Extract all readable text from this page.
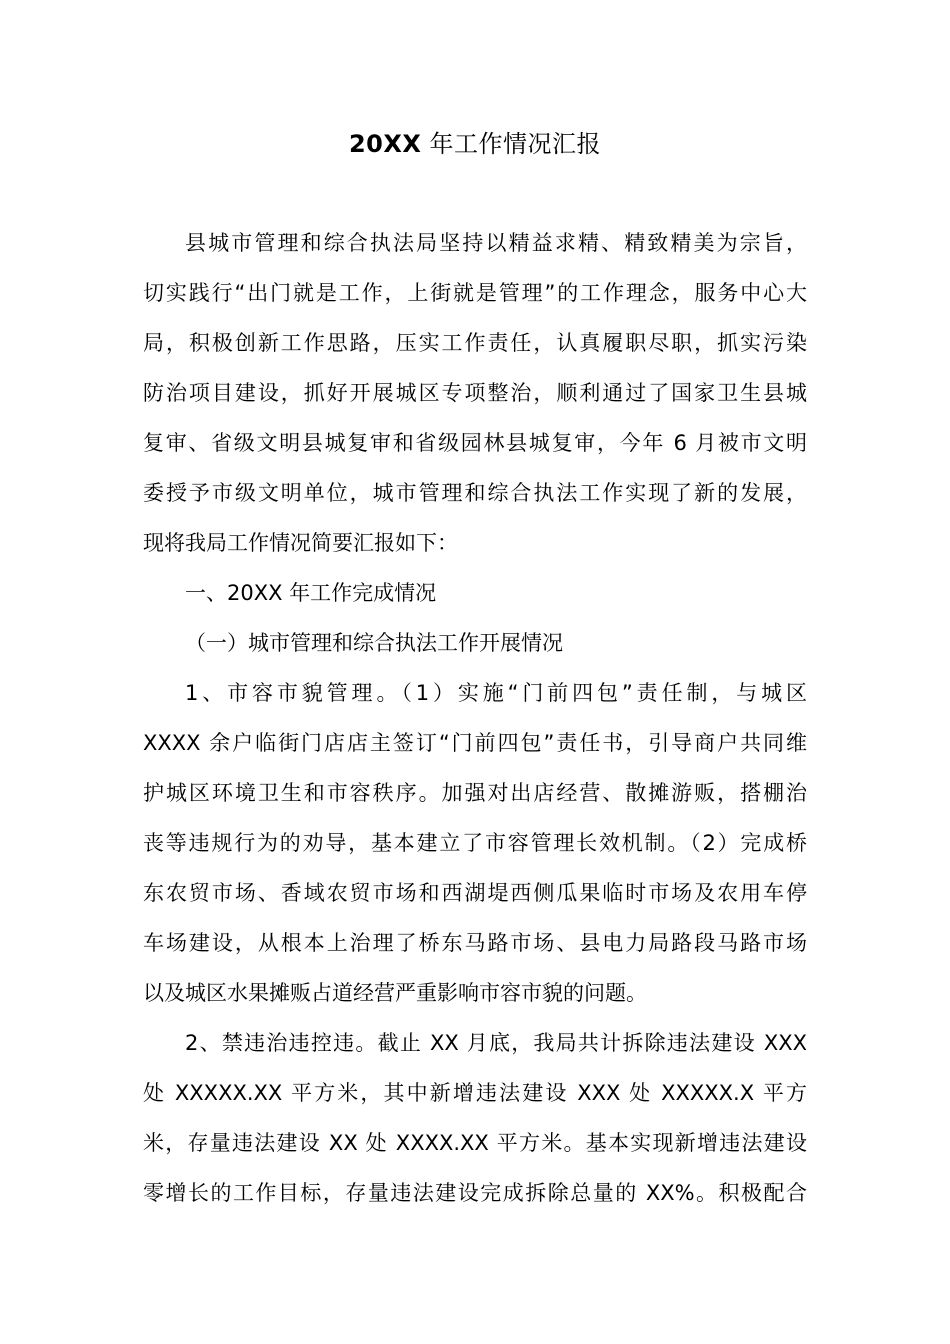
20XX 年工作情况汇报
县城市管理和综合执法局坚持以精益求精、精致精美为宗旨，
切实践行“出门就是工作，上街就是管理”的工作理念，服务中心大
局，积极创新工作思路，压实工作责任，认真履职尽职，抓实污染
防治项目建设，抓好开展城区专项整治，顺利通过了国家卫生县城
复审、省级文明县城复审和省级园林县城复审，今年 6 月被市文明
委授予市级文明单位，城市管理和综合执法工作实现了新的发展，
现将我局工作情况简要汇报如下：
一、20XX 年工作完成情况
（一）城市管理和综合执法工作开展情况
1、市容市貌管理。（1）实施“门前四包”责任制，与城区
XXXX 余户临街门店店主签订“门前四包”责任书，引导商户共同维
护城区环境卫生和市容秩序。加强对出店经营、散摊游贩，搭棚治
丧等违规行为的劝导，基本建立了市容管理长效机制。（2）完成桥
东农贸市场、香域农贸市场和西湖堤西侧瓜果临时市场及农用车停
车场建设，从根本上治理了桥东马路市场、县电力局路段马路市场
以及城区水果摊贩占道经营严重影响市容市貌的问题。
2、禁违治违控违。截止 XX 月底，我局共计拆除违法建设 XXX
处 XXXXX.XX 平方米，其中新增违法建设 XXX 处 XXXXX.X 平方
米，存量违法建设 XX 处 XXXX.XX 平方米。基本实现新增违法建设
零增长的工作目标，存量违法建设完成拆除总量的 XX%。积极配合
